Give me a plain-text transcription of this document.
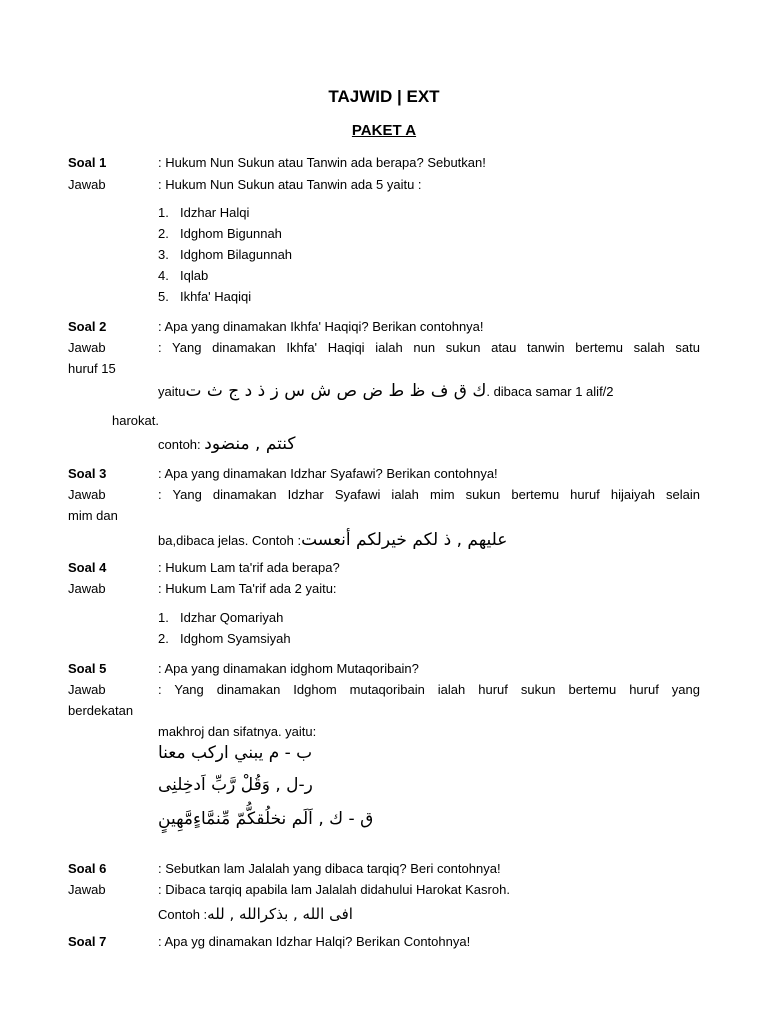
TAJWID | EXT
PAKET A
Soal 1	: Hukum Nun Sukun atau Tanwin ada berapa? Sebutkan!
Jawab	: Hukum Nun Sukun atau Tanwin ada 5 yaitu :
1. Idzhar Halqi
2. Idghom Bigunnah
3. Idghom Bilagunnah
4. Iqlab
5. Ikhfa' Haqiqi
Soal 2	: Apa yang dinamakan Ikhfa' Haqiqi? Berikan contohnya!
Jawab	: Yang dinamakan Ikhfa' Haqiqi ialah nun sukun atau tanwin bertemu salah satu
huruf 15
yaituك ق ف ظ ط ض ص ش س ز ذ د ج ث ت. dibaca samar 1 alif/2
harokat.
contoh: كنتم , منضود
Soal 3	: Apa yang dinamakan Idzhar Syafawi? Berikan contohnya!
Jawab	: Yang dinamakan Idzhar Syafawi ialah mim sukun bertemu huruf hijaiyah selain
mim dan
ba,dibaca jelas. Contoh :عليهم , ذ لكم خيرلكم أنعست
Soal 4	: Hukum Lam ta'rif ada berapa?
Jawab	: Hukum Lam Ta'rif ada 2 yaitu:
1. Idzhar Qomariyah
2. Idghom Syamsiyah
Soal 5	: Apa yang dinamakan idghom Mutaqoribain?
Jawab	: Yang dinamakan Idghom mutaqoribain ialah huruf sukun bertemu huruf yang
berdekatan
makhroj dan sifatnya. yaitu:
ب - م يبني اركب معنا
ر-ل , وَقُلْ رَّبِّ اَدخِلنِى
ق - ك , اَلَم نخلُقكُّمّ مِّنمَّاءٍمَّهِينٍ
Soal 6	: Sebutkan lam Jalalah yang dibaca tarqiq? Beri contohnya!
Jawab	: Dibaca tarqiq apabila lam Jalalah didahului Harokat Kasroh.
Contoh :افى الله , بذكرالله , لله
Soal 7	: Apa yg dinamakan Idzhar Halqi? Berikan Contohnya!
